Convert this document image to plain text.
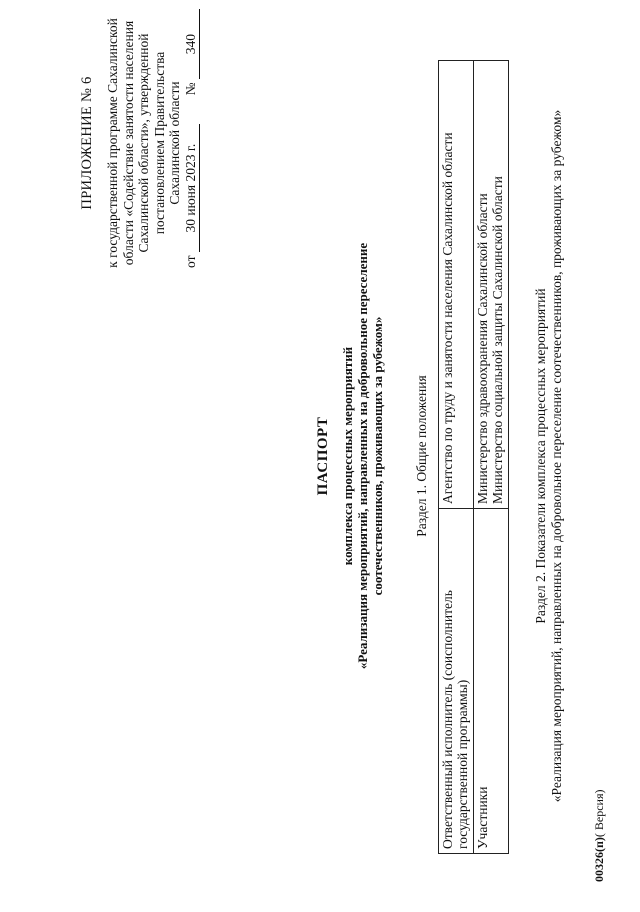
ПРИЛОЖЕНИЕ № 6 к государственной программе Сахалинской области «Содействие занятости населения Сахалинской области», утвержденной постановлением Правительства Сахалинской области
от 30 июня 2023 г.  № 340
ПАСПОРТ комплекса процессных мероприятий «Реализация мероприятий, направленных на добровольное переселение соотечественников, проживающих за рубежом» Раздел 1. Общие положения
Ответственный исполнитель (соисполнитель государственной программы)	Агентство по труду и занятости населения Сахалинской области

Участники	Министерство здравоохранения Сахалинской области Министерство социальной защиты Сахалинской области Раздел 2. Показатели комплекса процессных мероприятий «Реализация мероприятий, направленных на добровольное переселение соотечественников, проживающих за рубежом»
00326(п)( Версия)
